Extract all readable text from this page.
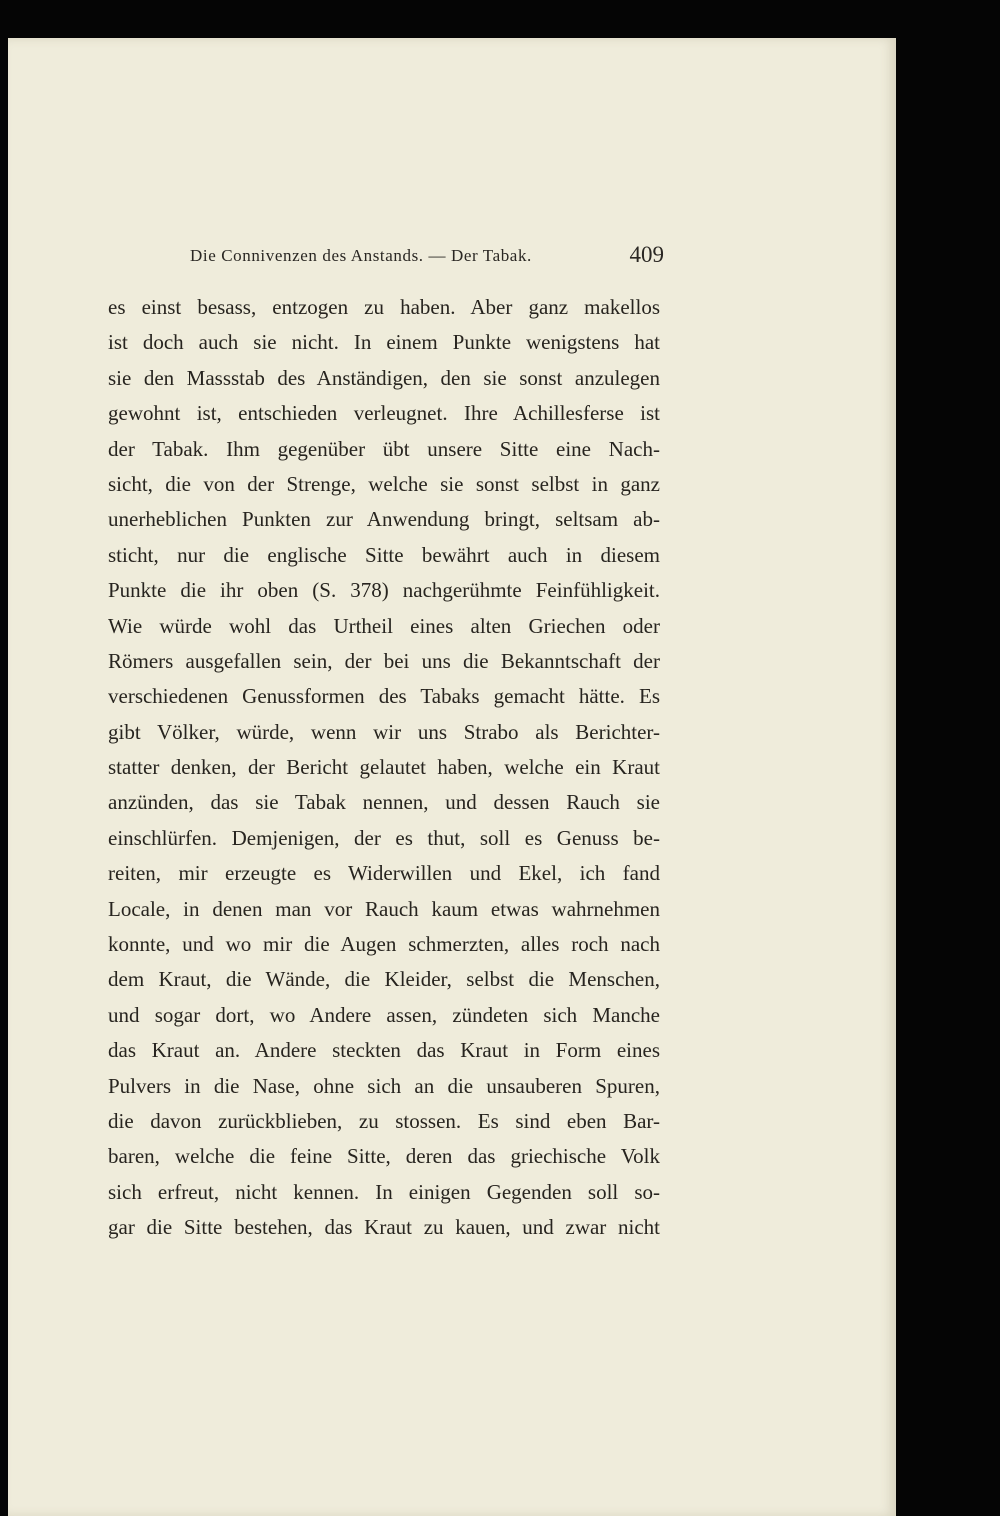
Die Connivenzen des Anstands. — Der Tabak.	409
es einst besass, entzogen zu haben. Aber ganz makellos
ist doch auch sie nicht. In einem Punkte wenigstens hat
sie den Massstab des Anständigen, den sie sonst anzulegen
gewohnt ist, entschieden verleugnet. Ihre Achillesferse ist
der Tabak. Ihm gegenüber übt unsere Sitte eine Nach-
sicht, die von der Strenge, welche sie sonst selbst in ganz
unerheblichen Punkten zur Anwendung bringt, seltsam ab-
sticht, nur die englische Sitte bewährt auch in diesem
Punkte die ihr oben (S. 378) nachgerühmte Feinfühligkeit.
Wie würde wohl das Urtheil eines alten Griechen oder
Römers ausgefallen sein, der bei uns die Bekanntschaft der
verschiedenen Genussformen des Tabaks gemacht hätte. Es
gibt Völker, würde, wenn wir uns Strabo als Berichter-
statter denken, der Bericht gelautet haben, welche ein Kraut
anzünden, das sie Tabak nennen, und dessen Rauch sie
einschlürfen. Demjenigen, der es thut, soll es Genuss be-
reiten, mir erzeugte es Widerwillen und Ekel, ich fand
Locale, in denen man vor Rauch kaum etwas wahrnehmen
konnte, und wo mir die Augen schmerzten, alles roch nach
dem Kraut, die Wände, die Kleider, selbst die Menschen,
und sogar dort, wo Andere assen, zündeten sich Manche
das Kraut an. Andere steckten das Kraut in Form eines
Pulvers in die Nase, ohne sich an die unsauberen Spuren,
die davon zurückblieben, zu stossen. Es sind eben Bar-
baren, welche die feine Sitte, deren das griechische Volk
sich erfreut, nicht kennen. In einigen Gegenden soll so-
gar die Sitte bestehen, das Kraut zu kauen, und zwar nicht
